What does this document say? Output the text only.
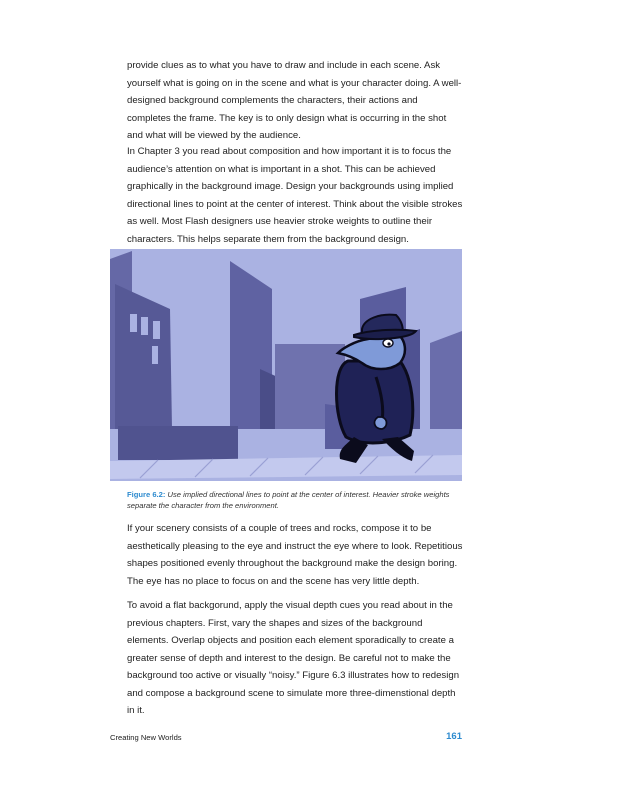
provide clues as to what you have to draw and include in each scene. Ask yourself what is going on in the scene and what is your character doing. A well-designed background complements the characters, their actions and completes the frame. The key is to only design what is occurring in the shot and what will be viewed by the audience.

In Chapter 3 you read about composition and how important it is to focus the audience’s attention on what is important in a shot. This can be achieved graphically in the background image. Design your backgrounds using implied directional lines to point at the center of interest. Think about the visible strokes as well. Most Flash designers use heavier stroke weights to outline their characters. This helps separate them from the background design.

Figure 6.2: Use implied directional lines to point at the center of interest. Heavier stroke weights separate the character from the environment.

If your scenery consists of a couple of trees and rocks, compose it to be aesthetically pleasing to the eye and instruct the eye where to look. Repetitious shapes positioned evenly throughout the background make the design boring. The eye has no place to focus on and the scene has very little depth.

To avoid a flat backgorund, apply the visual depth cues you read about in the previous chapters. First, vary the shapes and sizes of the background elements. Overlap objects and position each element sporadically to create a greater sense of depth and interest to the design. Be careful not to make the background too active or visually “noisy.” Figure 6.3 illustrates how to redesign and compose a background scene to simulate more three-dimenstional depth in it.

Creating New Worlds	161
